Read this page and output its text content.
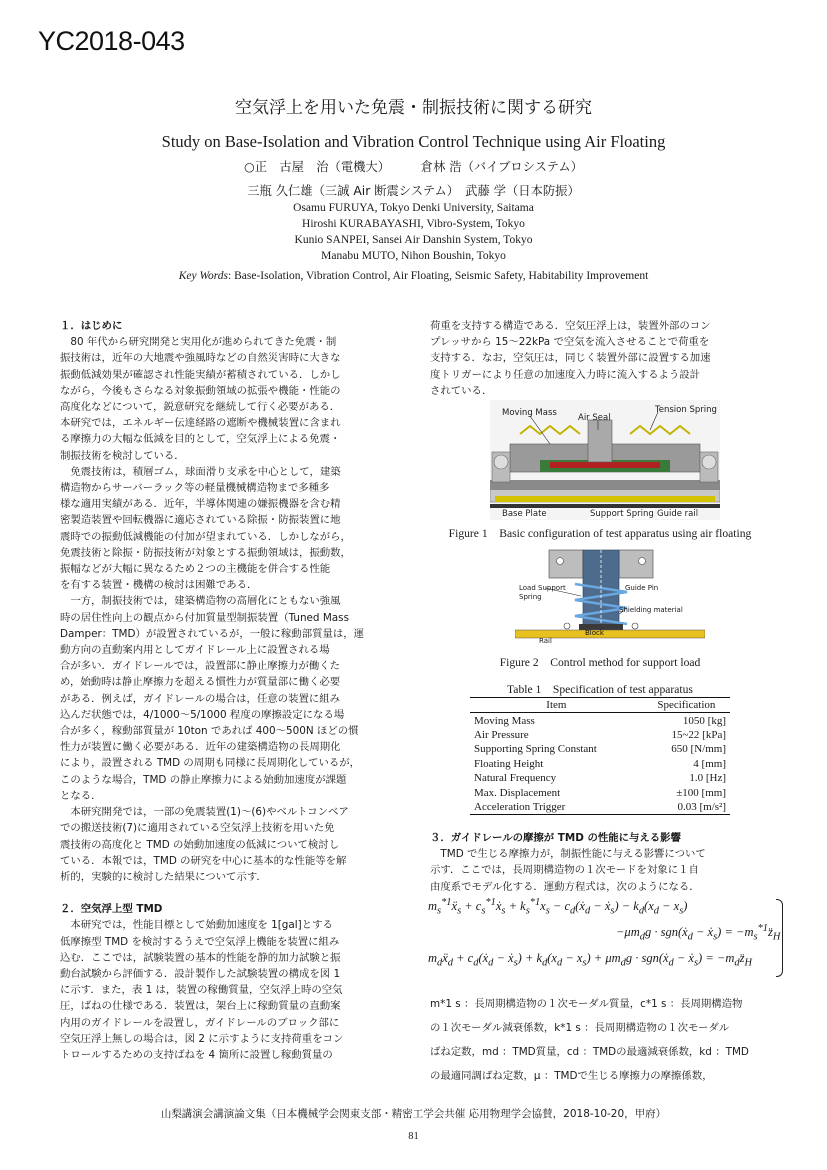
YC2018-043
空気浮上を用いた免震・制振技術に関する研究
Study on Base-Isolation and Vibration Control Technique using Air Floating
○正　古屋　治（電機大）　　　倉林 浩（バイブロシステム）
三瓶 久仁雄（三誠 Air 断震システム）　武藤 学（日本防振）
Osamu FURUYA, Tokyo Denki University, Saitama
Hiroshi KURABAYASHI, Vibro-System, Tokyo
Kunio SANPEI, Sansei Air Danshin System, Tokyo
Manabu MUTO, Nihon Boushin, Tokyo
Key Words: Base-Isolation, Vibration Control, Air Floating, Seismic Safety, Habitability Improvement
１．はじめに
　80 年代から研究開発と実用化が進められてきた免震・制
振技術は，近年の大地震や強風時などの自然災害時に大きな
振動低減効果が確認され性能実績が蓄積されている．しかし
ながら，今後もさらなる対象振動領域の拡張や機能・性能の
高度化などについて，鋭意研究を継続して行く必要がある．
本研究では，エネルギー伝達経路の遮断や機械装置に含まれ
る摩擦力の大幅な低減を目的として，空気浮上による免震・
制振技術を検討している．
　免震技術は，積層ゴム，球面滑り支承を中心として，建築
構造物からサーバーラック等の軽量機械構造物まで多種多
様な適用実績がある．近年，半導体関連の嫌振機器を含む精
密製造装置や回転機器に適応されている除振・防振装置に地
震時での振動低減機能の付加が望まれている．しかしながら，
免震技術と除振・防振技術が対象とする振動領域は，振動数，
振幅などが大幅に異なるため２つの主機能を併合する性能
を有する装置・機構の検討は困難である．
　一方，制振技術では，建築構造物の高層化にともない強風
時の居住性向上の観点から付加質量型制振装置（Tuned Mass
Damper：TMD）が設置されているが，一般に稼動部質量は，運
動方向の直動案内用としてガイドレール上に設置される場
合が多い．ガイドレールでは，設置部に静止摩擦力が働くた
め，始動時は静止摩擦力を超える慣性力が質量部に働く必要
がある．例えば，ガイドレールの場合は，任意の装置に組み
込んだ状態では，4/1000～5/1000 程度の摩擦設定になる場
合が多く，稼動部質量が 10ton であれば 400～500N ほどの慣
性力が装置に働く必要がある．近年の建築構造物の長周期化
により，設置される TMD の周期も同様に長周期化しているが，
このような場合，TMD の静止摩擦力による始動加速度が課題
となる．
　本研究開発では，一部の免震装置(1)～(6)やベルトコンベア
での搬送技術(7)に適用されている空気浮上技術を用いた免
震技術の高度化と TMD の始動加速度の低減について検討し
ている．本報では，TMD の研究を中心に基本的な性能等を解
析的，実験的に検討した結果について示す．
２．空気浮上型 TMD
　本研究では，性能目標として始動加速度を 1[gal]とする
低摩擦型 TMD を検討するうえで空気浮上機能を装置に組み
込む．ここでは，試験装置の基本的性能を静的加力試験と振
動台試験から評価する．設計製作した試験装置の構成を図 1
に示す．また，表 1 は，装置の稼働質量，空気浮上時の空気
圧，ばねの仕様である．装置は，架台上に稼動質量の直動案
内用のガイドレールを設置し，ガイドレールのブロック部に
空気圧浮上無しの場合は，図 2 に示すように支持荷重をコン
トロールするための支持ばねを 4 箇所に設置し稼動質量の
荷重を支持する構造である．空気圧浮上は，装置外部のコン
プレッサから 15～22kPa で空気を流入させることで荷重を
支持する．なお，空気圧は，同じく装置外部に設置する加速
度トリガーにより任意の加速度入力時に流入するよう設計
されている．
Moving Mass Air Seal
Tension Spring
Base Plate	Support Spring Guide rail
Figure 1　Basic configuration of test apparatus using air floating
Load Support
Spring
Guide Pin
Shielding material
Block
Rail
Figure 2　Control method for support load
Table 1　Specification of test apparatus
Item	Specification
Moving Mass	1050 [kg]
Air Pressure	15~22 [kPa]
Supporting Spring Constant	650 [N/mm]
Floating Height	4 [mm]
Natural Frequency	1.0 [Hz]
Max. Displacement	±100 [mm]
Acceleration Trigger	0.03 [m/s²]
３．ガイドレールの摩擦が TMD の性能に与える影響
　TMD で生じる摩擦力が，制振性能に与える影響について
示す．ここでは，長周期構造物の１次モードを対象に１自
由度系でモデル化する．運動方程式は，次のようになる．
$m_s^{*1}ẍ_s$ + $c_s^{*1}ẋ_s + k_s^{*1}x_s$ − $c_d(ẋ_d$ − ẋ$_s$) − $k_d(x_d - x_s)$
$-\mu m_dg$ · sgn(ẋ$_d$ − ẋ$_s$) = $-m_s^{*1}z̈_H$
$m_dẍ_d$ + $c_d(ẋ_d$ − ẋ$_s$) + $k_d(x_d - x_s) + \mu m_dg$ · sgn(ẋ$_d$ − ẋ$_s$) = $-m_dz̈_H$
m*1 s ：長周期構造物の１次モーダル質量，c*1 s ：長周期構造物
の１次モーダル減衰係数，k*1 s ：長周期構造物の１次モーダル
ばね定数，md ：TMD質量，cd ：TMDの最適減衰係数，kd ：TMD
の最適同調ばね定数，μ ：TMDで生じる摩擦力の摩擦係数，
山梨講演会講演論文集（日本機械学会関東支部・精密工学会共催 応用物理学会協賛，2018-10-20，甲府）
81
